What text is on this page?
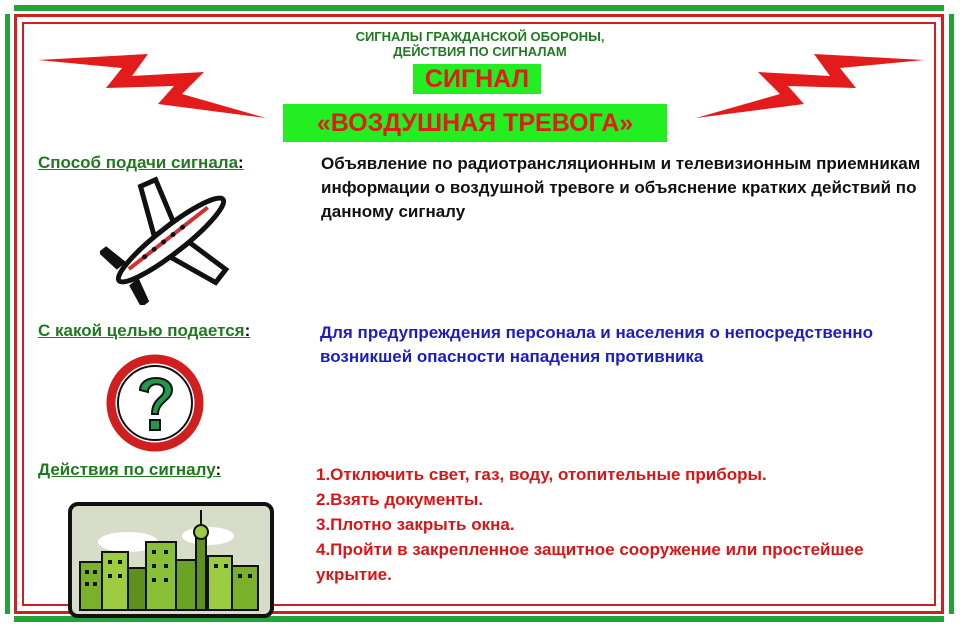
СИГНАЛЫ ГРАЖДАНСКОЙ ОБОРОНЫ,
ДЕЙСТВИЯ ПО СИГНАЛАМ
СИГНАЛ
«ВОЗДУШНАЯ ТРЕВОГА»
Способ подачи сигнала:	Объявление по радиотрансляционным и телевизионным приемникам информации о воздушной тревоге и объяснение кратких действий по данному сигналу
С какой целью подается:	Для предупреждения персонала и населения о непосредственно возникшей опасности нападения противника
Действия по сигналу:	1.Отключить свет, газ, воду, отопительные приборы.
2.Взять документы.
3.Плотно закрыть окна.
4.Пройти в закрепленное защитное сооружение или простейшее укрытие.
